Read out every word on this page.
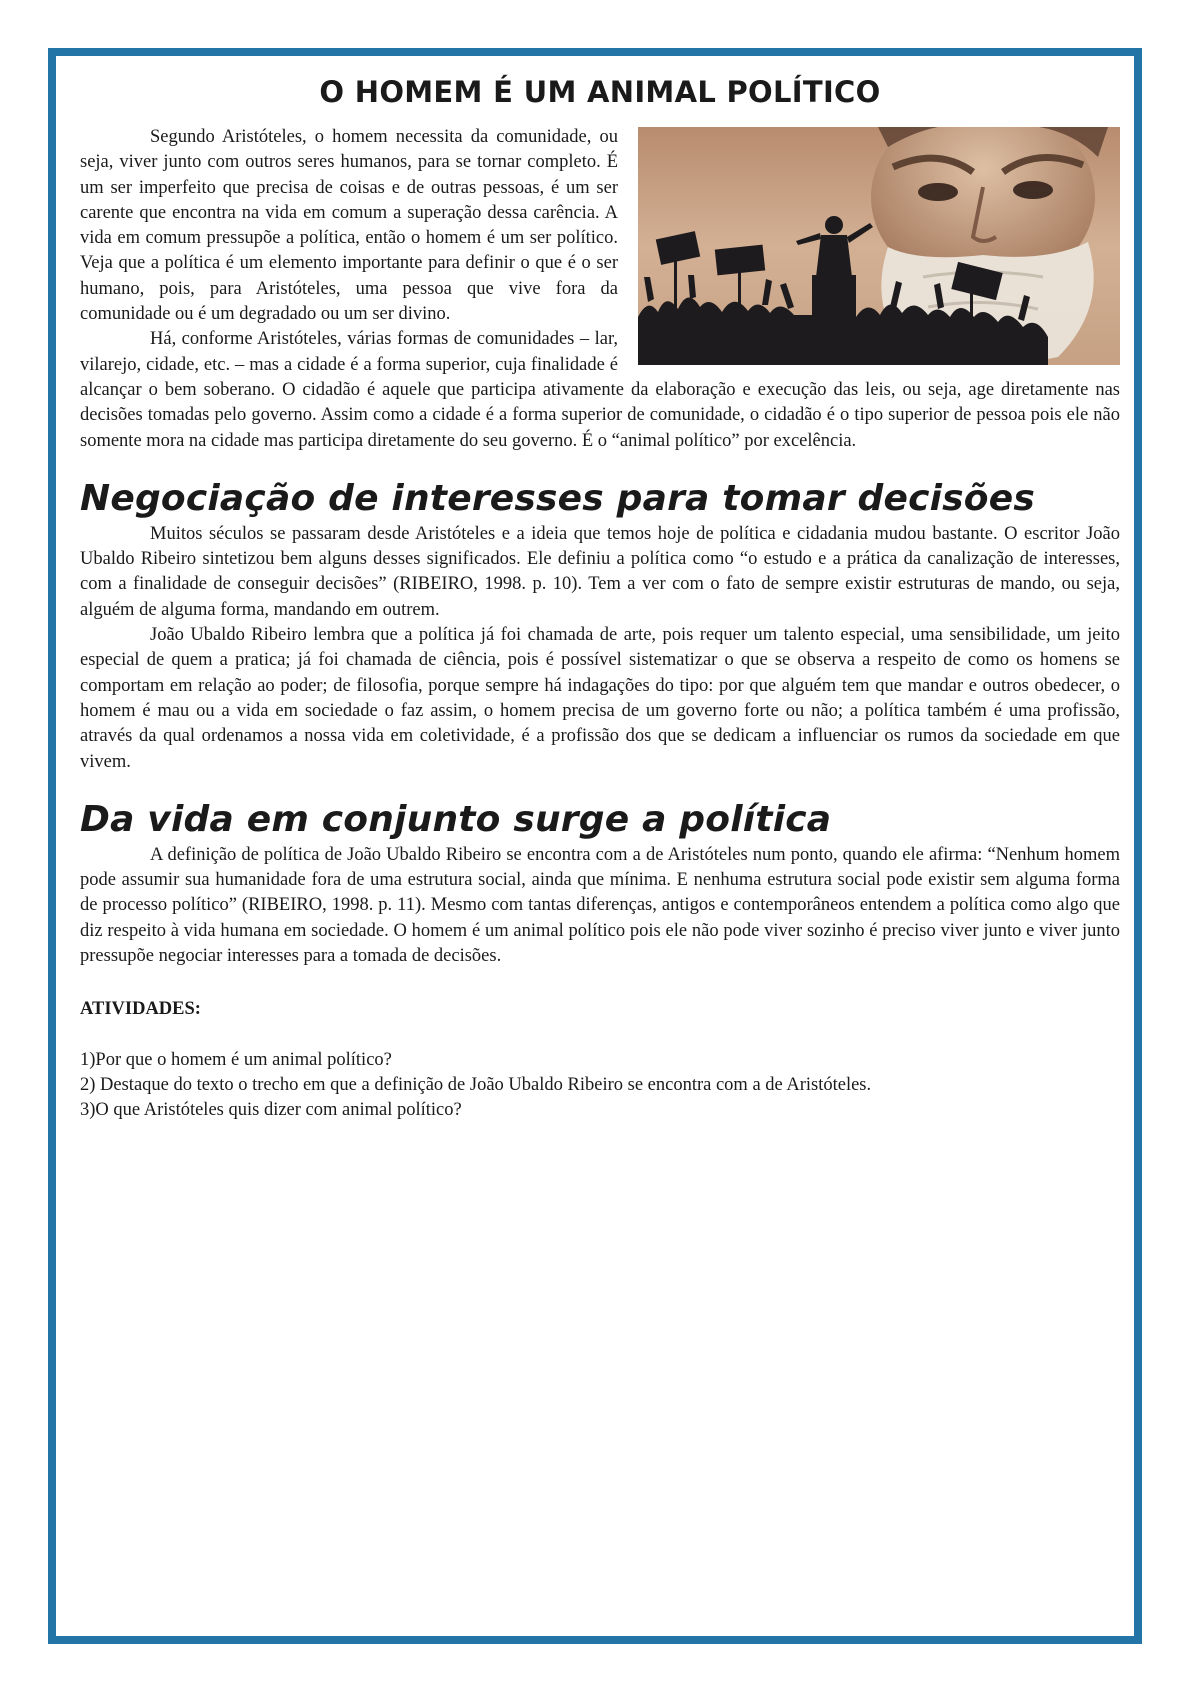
O HOMEM É UM ANIMAL POLÍTICO

Segundo Aristóteles, o homem necessita da comunidade, ou seja, viver junto com outros seres humanos, para se tornar completo. É um ser imperfeito que precisa de coisas e de outras pessoas, é um ser carente que encontra na vida em comum a superação dessa carência. A vida em comum pressupõe a política, então o homem é um ser político. Veja que a política é um elemento importante para definir o que é o ser humano, pois, para Aristóteles, uma pessoa que vive fora da comunidade ou é um degradado ou um ser divino.

Há, conforme Aristóteles, várias formas de comunidades – lar, vilarejo, cidade, etc. – mas a cidade é a forma superior, cuja finalidade é alcançar o bem soberano. O cidadão é aquele que participa ativamente da elaboração e execução das leis, ou seja, age diretamente nas decisões tomadas pelo governo. Assim como a cidade é a forma superior de comunidade, o cidadão é o tipo superior de pessoa pois ele não somente mora na cidade mas participa diretamente do seu governo. É o “animal político” por excelência.

Negociação de interesses para tomar decisões

Muitos séculos se passaram desde Aristóteles e a ideia que temos hoje de política e cidadania mudou bastante. O escritor João Ubaldo Ribeiro sintetizou bem alguns desses significados. Ele definiu a política como “o estudo e a prática da canalização de interesses, com a finalidade de conseguir decisões” (RIBEIRO, 1998. p. 10). Tem a ver com o fato de sempre existir estruturas de mando, ou seja, alguém de alguma forma, mandando em outrem.

João Ubaldo Ribeiro lembra que a política já foi chamada de arte, pois requer um talento especial, uma sensibilidade, um jeito especial de quem a pratica; já foi chamada de ciência, pois é possível sistematizar o que se observa a respeito de como os homens se comportam em relação ao poder; de filosofia, porque sempre há indagações do tipo: por que alguém tem que mandar e outros obedecer, o homem é mau ou a vida em sociedade o faz assim, o homem precisa de um governo forte ou não; a política também é uma profissão, através da qual ordenamos a nossa vida em coletividade, é a profissão dos que se dedicam a influenciar os rumos da sociedade em que vivem.

Da vida em conjunto surge a política

A definição de política de João Ubaldo Ribeiro se encontra com a de Aristóteles num ponto, quando ele afirma: “Nenhum homem pode assumir sua humanidade fora de uma estrutura social, ainda que mínima. E nenhuma estrutura social pode existir sem alguma forma de processo político” (RIBEIRO, 1998. p. 11). Mesmo com tantas diferenças, antigos e contemporâneos entendem a política como algo que diz respeito à vida humana em sociedade. O homem é um animal político pois ele não pode viver sozinho é preciso viver junto e viver junto pressupõe negociar interesses para a tomada de decisões.

ATIVIDADES:

1)Por que o homem é um animal político?

2) Destaque do texto o trecho em que a definição de João Ubaldo Ribeiro se encontra com a de Aristóteles.

3)O que Aristóteles quis dizer com animal político?
